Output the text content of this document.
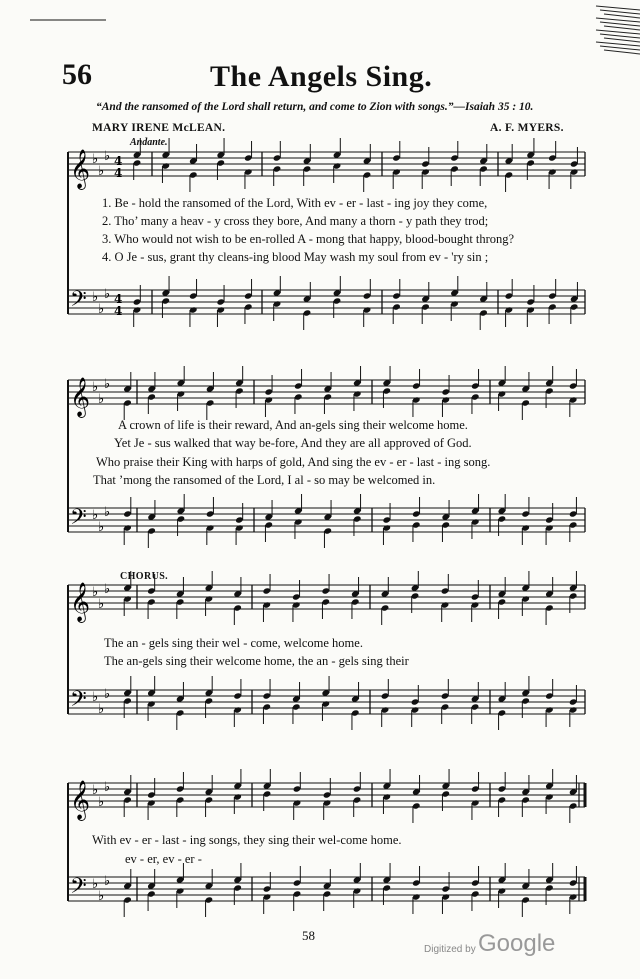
56	The Angels Sing.
“And the ransomed of the Lord shall return, and come to Zion with songs.”—Isaiah 35 : 10.
MARY IRENE McLEAN.	A. F. MYERS.
Andante.
𝄞 ♭
♭
♭ 4
4
𝄢 ♭
♭
♭ 4
4
𝄞 ♭
♭
♭
𝄢 ♭
♭
♭
𝄞 ♭
♭
♭
𝄢 ♭
♭
♭
𝄞 ♭
♭
♭
𝄢 ♭
♭
♭
1. Be - hold the ransomed of the Lord, With ev - er - last - ing joy they come,
2. Tho’ many a heav - y cross they bore, And many a thorn - y path they trod;
3. Who would not wish to be en-rolled A - mong that happy, blood-bought throng?
4. O Je - sus, grant thy cleans-ing blood May wash my soul from ev - 'ry sin ;
A crown of life is their reward, And an-gels sing their welcome home.
Yet Je - sus walked that way be-fore, And they are all approved of God.
Who praise their King with harps of gold, And sing the ev - er - last - ing song.
That ’mong the ransomed of the Lord, I al - so may be welcomed in.
CHORUS.
The an - gels sing their wel - come, welcome home.
The an-gels sing their welcome home, the an - gels sing their
With ev - er - last - ing songs, they sing their wel-come home.
ev - er, ev - er -
58
Digitized by Google
